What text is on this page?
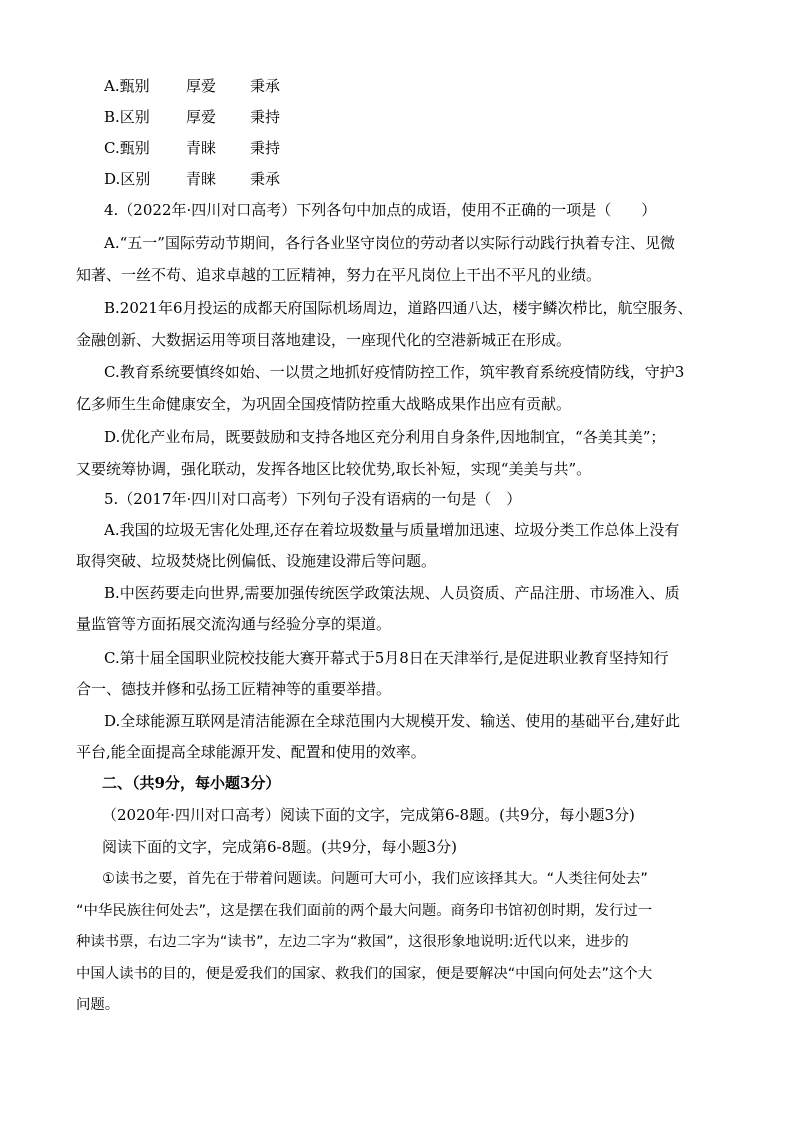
A.甄别 厚爱 秉承
B.区别 厚爱 秉持
C.甄别 青睐 秉持
D.区别 青睐 秉承
4.（2022年·四川对口高考）下列各句中加点的成语，使用不正确的一项是（　　）
A.“五一”国际劳动节期间，各行各业坚守岗位的劳动者以实际行动践行执着专注、见微
知著、一丝不苟、追求卓越的工匠精神，努力在平凡岗位上干出不平凡的业绩。
B.2021年6月投运的成都天府国际机场周边，道路四通八达，楼宇鳞次栉比，航空服务、
金融创新、大数据运用等项目落地建设，一座现代化的空港新城正在形成。
C.教育系统要慎终如始、一以贯之地抓好疫情防控工作，筑牢教育系统疫情防线，守护3
亿多师生生命健康安全，为巩固全国疫情防控重大战略成果作出应有贡献。
D.优化产业布局，既要鼓励和支持各地区充分利用自身条件,因地制宜，“各美其美”；
又要统筹协调，强化联动，发挥各地区比较优势,取长补短，实现“美美与共”。
5.（2017年·四川对口高考）下列句子没有语病的一句是（　）
A.我国的垃圾无害化处理,还存在着垃圾数量与质量增加迅速、垃圾分类工作总体上没有
取得突破、垃圾焚烧比例偏低、设施建设滞后等问题。
B.中医药要走向世界,需要加强传统医学政策法规、人员资质、产品注册、市场准入、质
量监管等方面拓展交流沟通与经验分享的渠道。
C.第十届全国职业院校技能大赛开幕式于5月8日在天津举行,是促进职业教育坚持知行
合一、德技并修和弘扬工匠精神等的重要举措。
D.全球能源互联网是清洁能源在全球范围内大规模开发、输送、使用的基础平台,建好此
平台,能全面提高全球能源开发、配置和使用的效率。
二、（共9分，每小题3分）
（2020年·四川对口高考）阅读下面的文字，完成第6-8题。(共9分，每小题3分)
阅读下面的文字，完成第6-8题。(共9分，每小题3分)
①读书之要，首先在于带着问题读。问题可大可小，我们应该择其大。“人类往何处去”
“中华民族往何处去”，这是摆在我们面前的两个最大问题。商务印书馆初创时期，发行过一
种读书票，右边二字为“读书”，左边二字为“救国”，这很形象地说明:近代以来，进步的
中国人读书的目的，便是爱我们的国家、救我们的国家，便是要解决“中国向何处去”这个大
问题。
